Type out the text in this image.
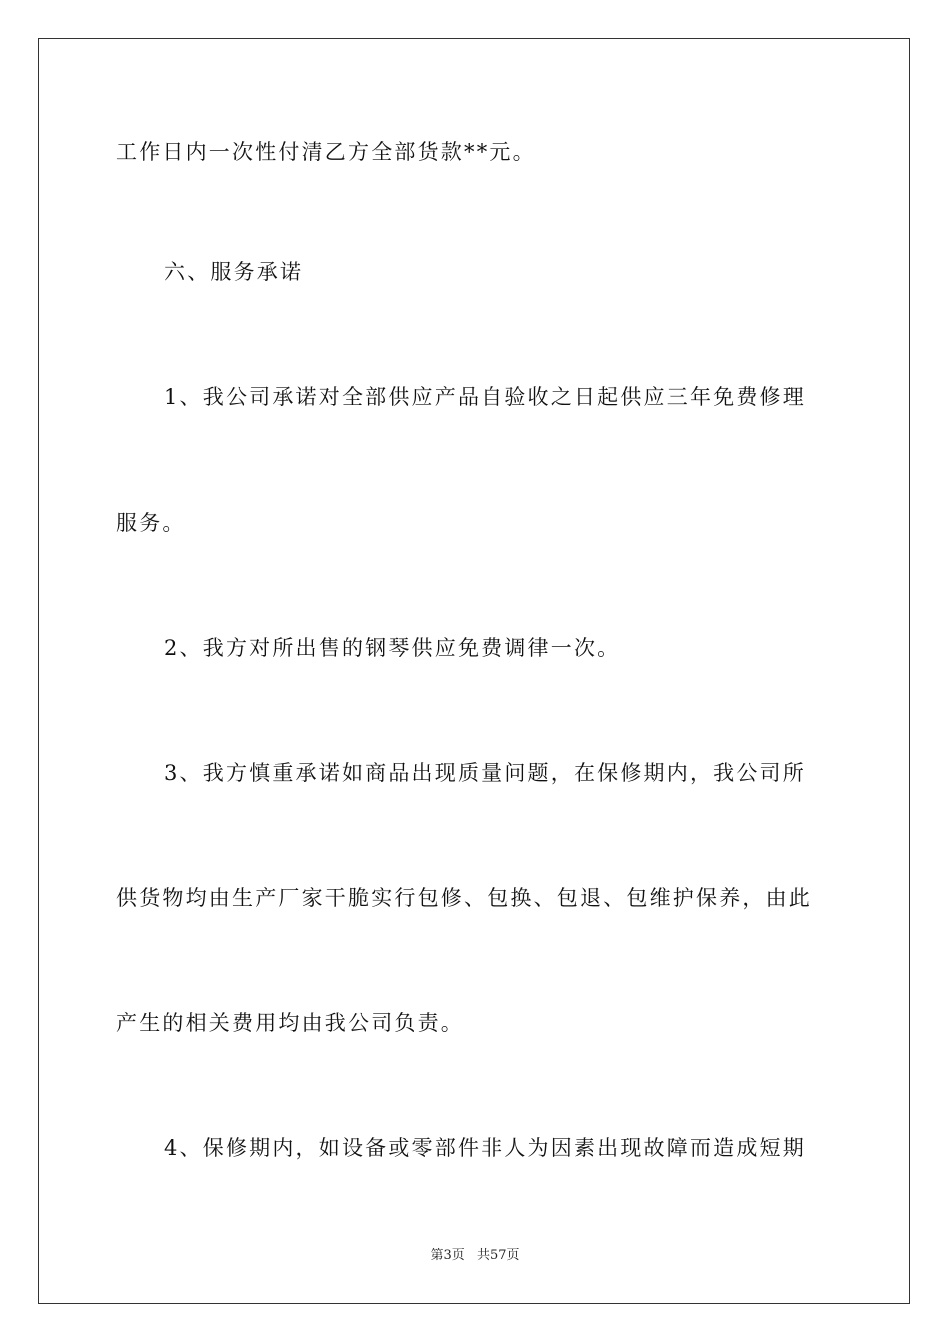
工作日内一次性付清乙方全部货款**元。
六、服务承诺
1、我公司承诺对全部供应产品自验收之日起供应三年免费修理
服务。
2、我方对所出售的钢琴供应免费调律一次。
3、我方慎重承诺如商品出现质量问题，在保修期内，我公司所
供货物均由生产厂家干脆实行包修、包换、包退、包维护保养，由此
产生的相关费用均由我公司负责。
4、保修期内，如设备或零部件非人为因素出现故障而造成短期
第3页 共57页
